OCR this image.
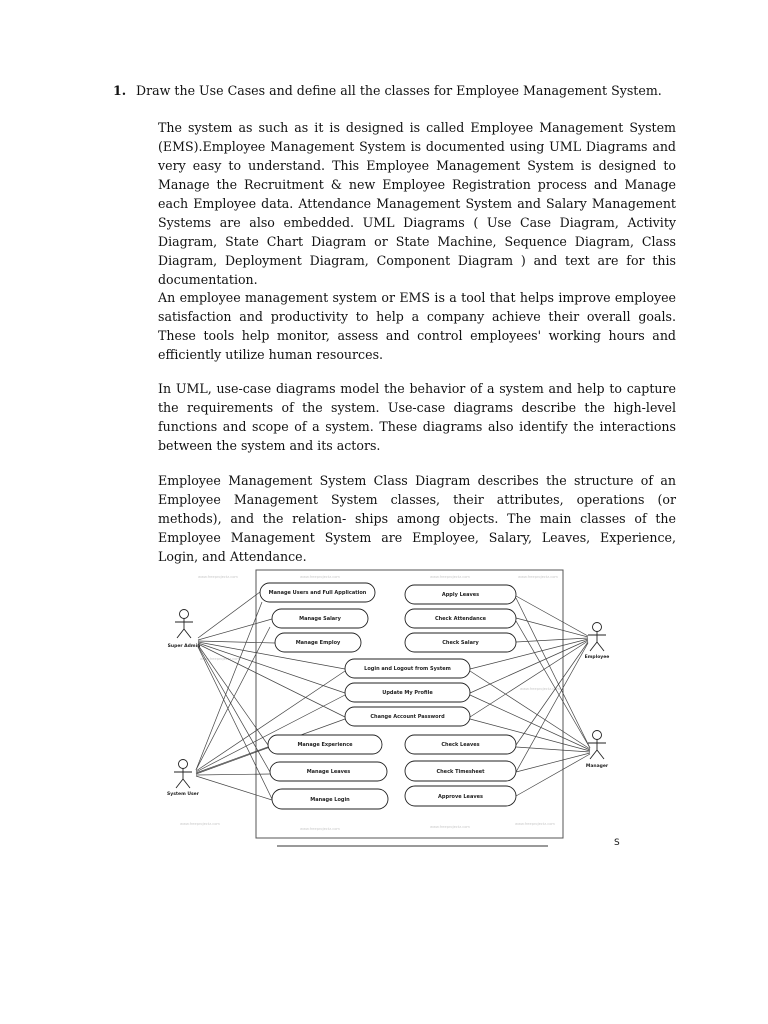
1. Draw the Use Cases and define all the classes for Employee Management System.

The system as such as it is designed is called Employee Management System (EMS).Employee Management System is documented using UML Diagrams and very easy to understand. This Employee Management System is designed to Manage the Recruitment & new Employee Registration process and Manage each Employee data. Attendance Management System and Salary Management Systems are also embedded. UML Diagrams ( Use Case Diagram, Activity Diagram, State Chart Diagram or State Machine, Sequence Diagram, Class Diagram, Deployment Diagram, Component Diagram ) and text are for this documentation.

An employee management system or EMS is a tool that helps improve employee satisfaction and productivity to help a company achieve their overall goals. These tools help monitor, assess and control employees' working hours and efficiently utilize human resources.

In UML, use-case diagrams model the behavior of a system and help to capture the requirements of the system. Use-case diagrams describe the high-level functions and scope of a system. These diagrams also identify the interactions between the system and its actors.

Employee Management System Class Diagram describes the structure of an Employee Management System classes, their attributes, operations (or methods), and the relation- ships among objects. The main classes of the Employee Management System are Employee, Salary, Leaves, Experience, Login, and Attendance.

www.freeprojectz.com	www.freeprojectz.com	www.freeprojectz.com	www.freeprojectz.com
www.freeprojectz.com
www.freeprojectz.com
www.freeprojectz.com
www.freeprojectz.com	www.freeprojectz.com
www.freeprojectz.com
Manage Users and Full Application
Manage Salary
Manage Employ
Apply Leaves
Check Attendance
Check Salary
Login and Logout from System
Update My Profile
Change Account Password
Manage Experience
Manage Leaves
Manage Login
Check Leaves
Check Timesheet
Approve Leaves
Super Admin
System User
Employee
Manager
S
